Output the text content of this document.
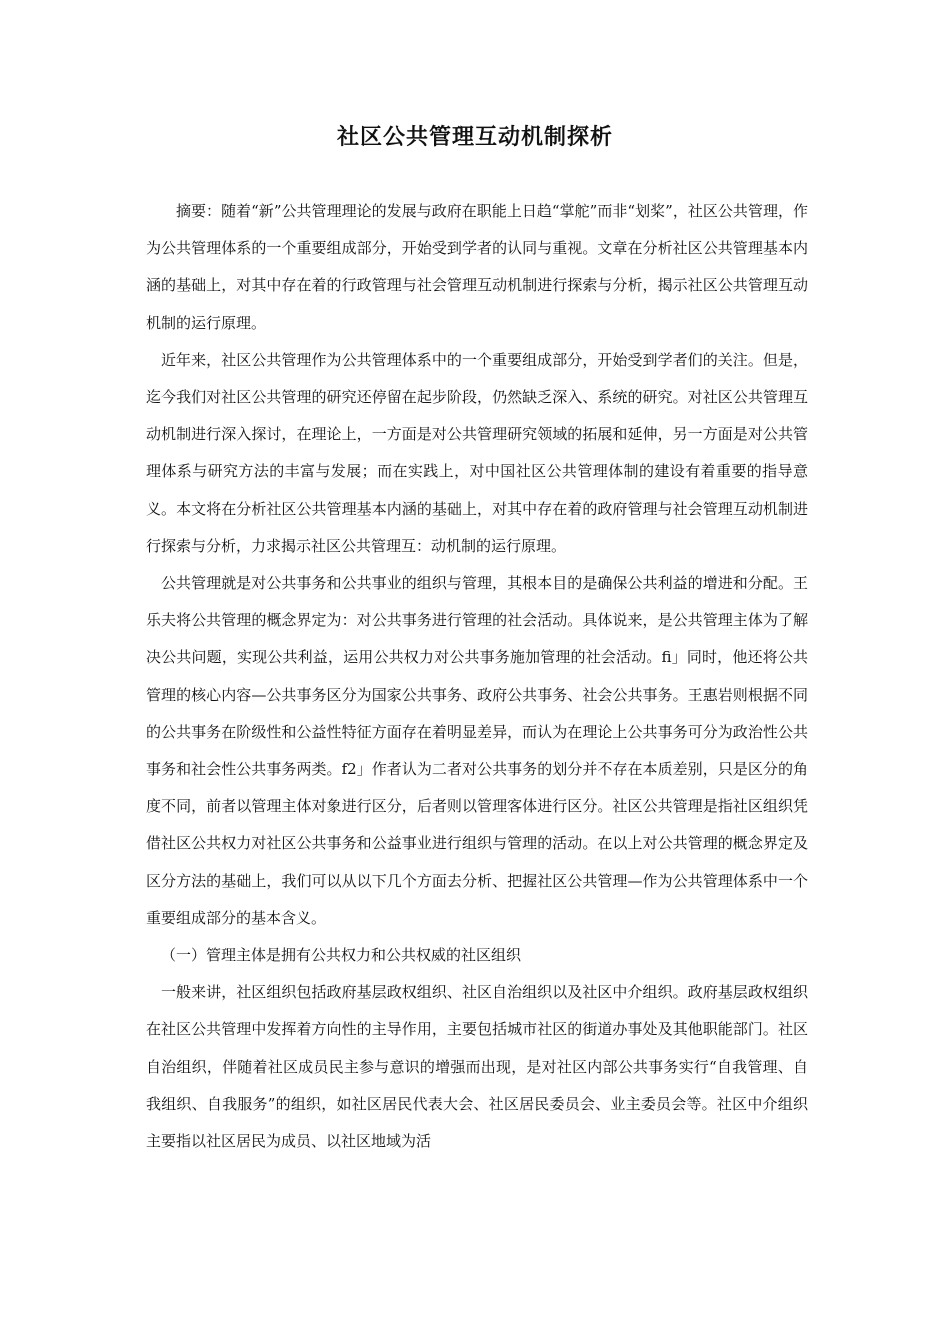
社区公共管理互动机制探析

摘要：随着“新”公共管理理论的发展与政府在职能上日趋“掌舵”而非“划桨”，社区公共管理，作为公共管理体系的一个重要组成部分，开始受到学者的认同与重视。文章在分析社区公共管理基本内涵的基础上，对其中存在着的行政管理与社会管理互动机制进行探索与分析，揭示社区公共管理互动机制的运行原理。

近年来，社区公共管理作为公共管理体系中的一个重要组成部分，开始受到学者们的关注。但是，迄今我们对社区公共管理的研究还停留在起步阶段，仍然缺乏深入、系统的研究。对社区公共管理互动机制进行深入探讨，在理论上，一方面是对公共管理研究领域的拓展和延伸，另一方面是对公共管理体系与研究方法的丰富与发展；而在实践上，对中国社区公共管理体制的建设有着重要的指导意义。本文将在分析社区公共管理基本内涵的基础上，对其中存在着的政府管理与社会管理互动机制进行探索与分析，力求揭示社区公共管理互：动机制的运行原理。

公共管理就是对公共事务和公共事业的组织与管理，其根本目的是确保公共利益的增进和分配。王乐夫将公共管理的概念界定为：对公共事务进行管理的社会活动。具体说来，是公共管理主体为了解决公共问题，实现公共利益，运用公共权力对公共事务施加管理的社会活动。fi」同时，他还将公共管理的核心内容—公共事务区分为国家公共事务、政府公共事务、社会公共事务。王惠岩则根据不同的公共事务在阶级性和公益性特征方面存在着明显差异，而认为在理论上公共事务可分为政治性公共事务和社会性公共事务两类。f2」作者认为二者对公共事务的划分并不存在本质差别，只是区分的角度不同，前者以管理主体对象进行区分，后者则以管理客体进行区分。社区公共管理是指社区组织凭借社区公共权力对社区公共事务和公益事业进行组织与管理的活动。在以上对公共管理的概念界定及区分方法的基础上，我们可以从以下几个方面去分析、把握社区公共管理—作为公共管理体系中一个重要组成部分的基本含义。

（一）管理主体是拥有公共权力和公共权威的社区组织

一般来讲，社区组织包括政府基层政权组织、社区自治组织以及社区中介组织。政府基层政权组织在社区公共管理中发挥着方向性的主导作用，主要包括城市社区的街道办事处及其他职能部门。社区自治组织，伴随着社区成员民主参与意识的增强而出现，是对社区内部公共事务实行“自我管理、自我组织、自我服务”的组织，如社区居民代表大会、社区居民委员会、业主委员会等。社区中介组织主要指以社区居民为成员、以社区地域为活
